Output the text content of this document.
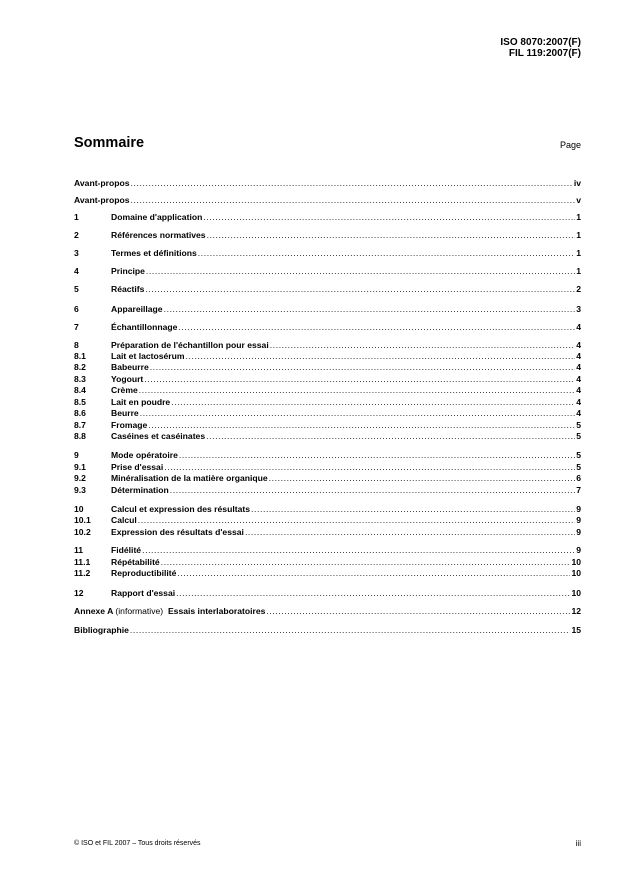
ISO 8070:2007(F)
FIL 119:2007(F)
Sommaire	Page
Avant-propos .....	iv
Avant-propos .....	v
1	Domaine d'application .....	1
2	Références normatives .....	1
3	Termes et définitions .....	1
4	Principe .....	1
5	Réactifs .....	2
6	Appareillage .....	3
7	Échantillonnage .....	4
8	Préparation de l'échantillon pour essai .....	4
8.1	Lait et lactosérum .....	4
8.2	Babeurre .....	4
8.3	Yogourt .....	4
8.4	Crème .....	4
8.5	Lait en poudre .....	4
8.6	Beurre .....	4
8.7	Fromage .....	5
8.8	Caséines et caséinates .....	5
9	Mode opératoire .....	5
9.1	Prise d'essai .....	5
9.2	Minéralisation de la matière organique .....	6
9.3	Détermination .....	7
10	Calcul et expression des résultats .....	9
10.1	Calcul .....	9
10.2	Expression des résultats d'essai .....	9
11	Fidélité .....	9
11.1	Répétabilité .....	10
11.2	Reproductibilité .....	10
12	Rapport d'essai .....	10
Annexe A (informative) Essais interlaboratoires .....	12
Bibliographie .....	15
© ISO et FIL 2007 – Tous droits réservés	iii
